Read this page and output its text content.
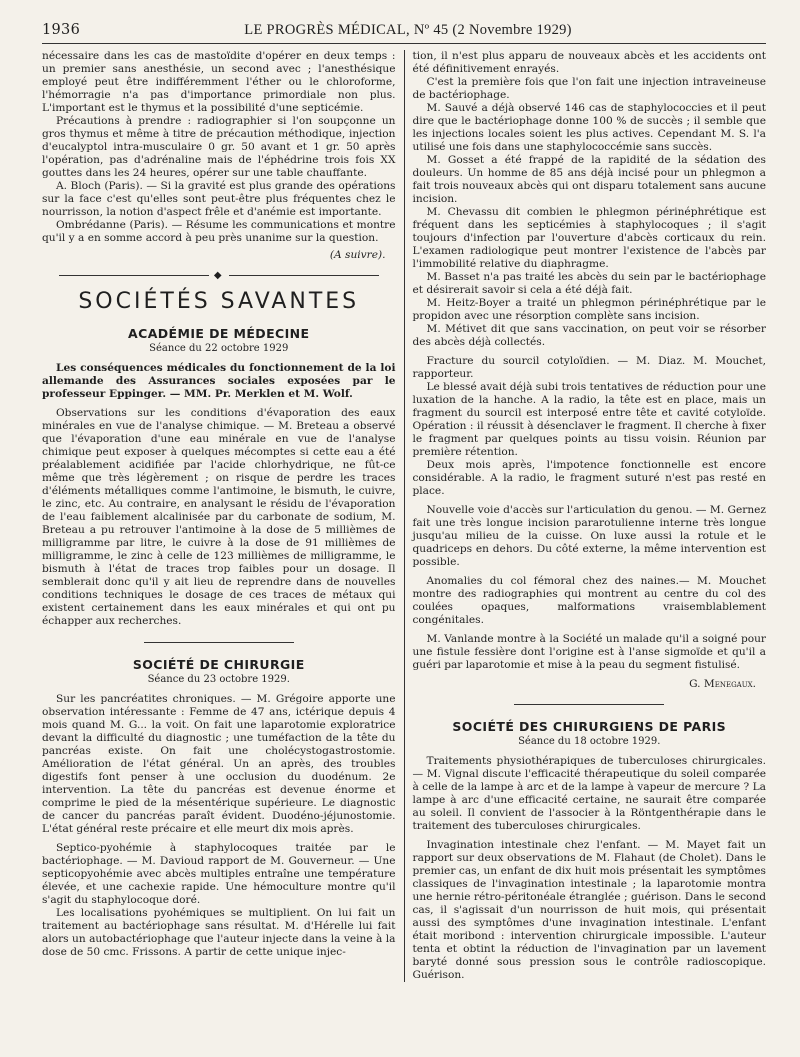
1936	LE PROGRÈS MÉDICAL, Nº 45 (2 Novembre 1929)

nécessaire dans les cas de mastoïdite d'opérer en deux temps : un premier sans anesthésie, un second avec ; l'anesthésique employé peut être indifféremment l'éther ou le chloroforme, l'hémorragie n'a pas d'importance primordiale non plus. L'important est le thymus et la possibilité d'une septicémie.

Précautions à prendre : radiographier si l'on soupçonne un gros thymus et même à titre de précaution méthodique, injection d'eucalyptol intra-musculaire 0 gr. 50 avant et 1 gr. 50 après l'opération, pas d'adrénaline mais de l'éphédrine trois fois XX gouttes dans les 24 heures, opérer sur une table chauffante.

A. Bloch (Paris). — Si la gravité est plus grande des opérations sur la face c'est qu'elles sont peut-être plus fréquentes chez le nourrisson, la notion d'aspect frêle et d'anémie est importante.

Ombrédanne (Paris). — Résume les communications et montre qu'il y a en somme accord à peu près unanime sur la question.

(A suivre).
◆
SOCIÉTÉS SAVANTES
ACADÉMIE DE MÉDECINE
Séance du 22 octobre 1929

Les conséquences médicales du fonctionnement de la loi allemande des Assurances sociales exposées par le professeur Eppinger. — MM. Pr. Merklen et M. Wolf.

Observations sur les conditions d'évaporation des eaux minérales en vue de l'analyse chimique. — M. Breteau a observé que l'évaporation d'une eau minérale en vue de l'analyse chimique peut exposer à quelques mécomptes si cette eau a été préalablement acidifiée par l'acide chlorhydrique, ne fût-ce même que très légèrement ; on risque de perdre les traces d'éléments métalliques comme l'antimoine, le bismuth, le cuivre, le zinc, etc. Au contraire, en analysant le résidu de l'évaporation de l'eau faiblement alcalinisée par du carbonate de sodium, M. Breteau a pu retrouver l'antimoine à la dose de 5 millièmes de milligramme par litre, le cuivre à la dose de 91 millièmes de milligramme, le zinc à celle de 123 millièmes de milligramme, le bismuth à l'état de traces trop faibles pour un dosage. Il semblerait donc qu'il y ait lieu de reprendre dans de nouvelles conditions techniques le dosage de ces traces de métaux qui existent certainement dans les eaux minérales et qui ont pu échapper aux recherches.

SOCIÉTÉ DE CHIRURGIE
Séance du 23 octobre 1929.

Sur les pancréatites chroniques. — M. Grégoire apporte une observation intéressante : Femme de 47 ans, ictérique depuis 4 mois quand M. G... la voit. On fait une laparotomie exploratrice devant la difficulté du diagnostic ; une tuméfaction de la tête du pancréas existe. On fait une cholécystogastrostomie. Amélioration de l'état général. Un an après, des troubles digestifs font penser à une occlusion du duodénum. 2e intervention. La tête du pancréas est devenue énorme et comprime le pied de la mésentérique supérieure. Le diagnostic de cancer du pancréas paraît évident. Duodéno-jéjunostomie. L'état général reste précaire et elle meurt dix mois après.

Septico-pyohémie à staphylocoques traitée par le bactériophage. — M. Davioud rapport de M. Gouverneur. — Une septicopyohémie avec abcès multiples entraîne une température élevée, et une cachexie rapide. Une hémoculture montre qu'il s'agit du staphylocoque doré.

Les localisations pyohémiques se multiplient. On lui fait un traitement au bactériophage sans résultat. M. d'Hérelle lui fait alors un autobactériophage que l'auteur injecte dans la veine à la dose de 50 cmc. Frissons. A partir de cette unique injec-

tion, il n'est plus apparu de nouveaux abcès et les accidents ont été définitivement enrayés.

C'est la première fois que l'on fait une injection intraveineuse de bactériophage.

M. Sauvé a déjà observé 146 cas de staphylococcies et il peut dire que le bactériophage donne 100 % de succès ; il semble que les injections locales soient les plus actives. Cependant M. S. l'a utilisé une fois dans une staphylococcémie sans succès.

M. Gosset a été frappé de la rapidité de la sédation des douleurs. Un homme de 85 ans déjà incisé pour un phlegmon a fait trois nouveaux abcès qui ont disparu totalement sans aucune incision.

M. Chevassu dit combien le phlegmon périnéphrétique est fréquent dans les septicémies à staphylocoques ; il s'agit toujours d'infection par l'ouverture d'abcès corticaux du rein. L'examen radiologique peut montrer l'existence de l'abcès par l'immobilité relative du diaphragme.

M. Basset n'a pas traité les abcès du sein par le bactériophage et désirerait savoir si cela a été déjà fait.

M. Heitz-Boyer a traité un phlegmon périnéphrétique par le propidon avec une résorption complète sans incision.

M. Métivet dit que sans vaccination, on peut voir se résorber des abcès déjà collectés.

Fracture du sourcil cotyloïdien. — M. Diaz. M. Mouchet, rapporteur.

Le blessé avait déjà subi trois tentatives de réduction pour une luxation de la hanche. A la radio, la tête est en place, mais un fragment du sourcil est interposé entre tête et cavité cotyloïde. Opération : il réussit à désenclaver le fragment. Il cherche à fixer le fragment par quelques points au tissu voisin. Réunion par première rétention.

Deux mois après, l'impotence fonctionnelle est encore considérable. A la radio, le fragment suturé n'est pas resté en place.

Nouvelle voie d'accès sur l'articulation du genou. — M. Gernez fait une très longue incision pararotulienne interne très longue jusqu'au milieu de la cuisse. On luxe aussi la rotule et le quadriceps en dehors. Du côté externe, la même intervention est possible.

Anomalies du col fémoral chez des naines.— M. Mouchet montre des radiographies qui montrent au centre du col des coulées opaques, malformations vraisemblablement congénitales.

M. Vanlande montre à la Société un malade qu'il a soigné pour une fistule fessière dont l'origine est à l'anse sigmoïde et qu'il a guéri par laparotomie et mise à la peau du segment fistulisé.

G. Menegaux.
SOCIÉTÉ DES CHIRURGIENS DE PARIS
Séance du 18 octobre 1929.

Traitements physiothérapiques de tuberculoses chirurgicales. — M. Vignal discute l'efficacité thérapeutique du soleil comparée à celle de la lampe à arc et de la lampe à vapeur de mercure ? La lampe à arc d'une efficacité certaine, ne saurait être comparée au soleil. Il convient de l'associer à la Röntgenthérapie dans le traitement des tuberculoses chirurgicales.

Invagination intestinale chez l'enfant. — M. Mayet fait un rapport sur deux observations de M. Flahaut (de Cholet). Dans le premier cas, un enfant de dix huit mois présentait les symptômes classiques de l'invagination intestinale ; la laparotomie montra une hernie rétro-péritonéale étranglée ; guérison. Dans le second cas, il s'agissait d'un nourrisson de huit mois, qui présentait aussi des symptômes d'une invagination intestinale. L'enfant était moribond : intervention chirurgicale impossible. L'auteur tenta et obtint la réduction de l'invagination par un lavement baryté donné sous pression sous le contrôle radioscopique. Guérison.
